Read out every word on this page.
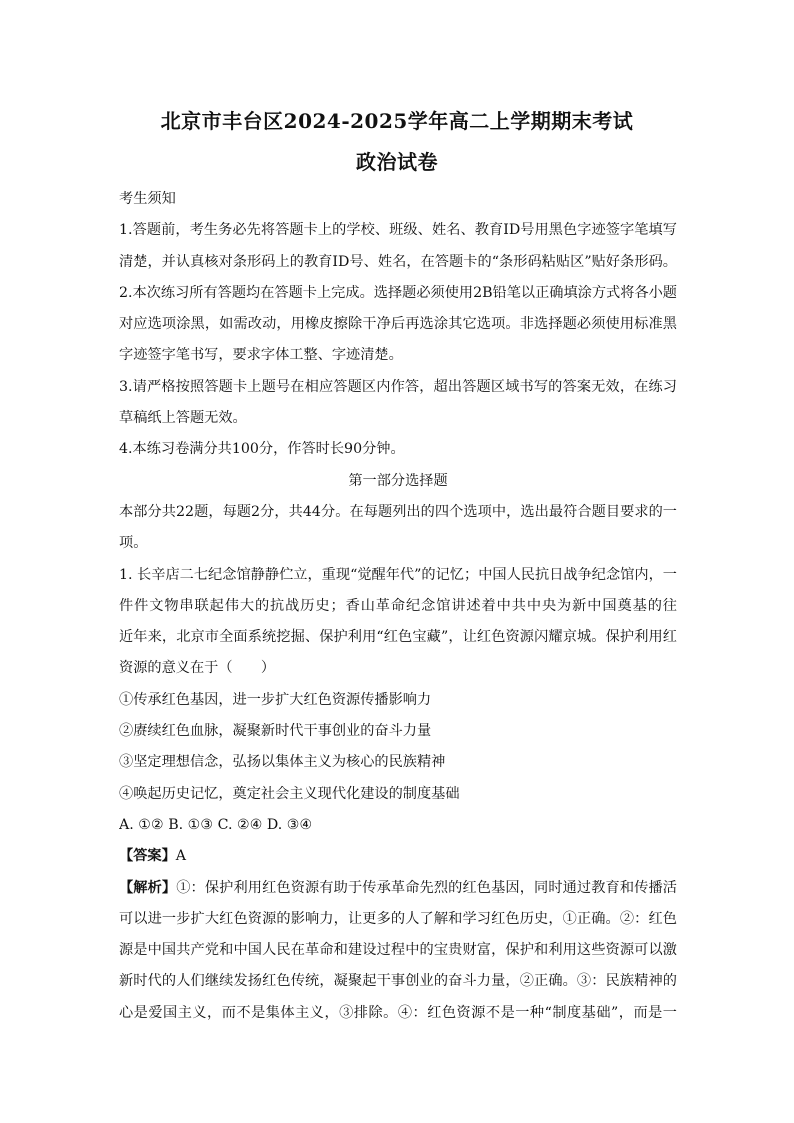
北京市丰台区2024-2025学年高二上学期期末考试
政治试卷
考生须知
1.答题前，考生务必先将答题卡上的学校、班级、姓名、教育ID号用黑色字迹签字笔填写
清楚，并认真核对条形码上的教育ID号、姓名，在答题卡的“条形码粘贴区”贴好条形码。
2.本次练习所有答题均在答题卡上完成。选择题必须使用2B铅笔以正确填涂方式将各小题
对应选项涂黑，如需改动，用橡皮擦除干净后再选涂其它选项。非选择题必须使用标准黑
字迹签字笔书写，要求字体工整、字迹清楚。
3.请严格按照答题卡上题号在相应答题区内作答，超出答题区域书写的答案无效，在练习
草稿纸上答题无效。
4.本练习卷满分共100分，作答时长90分钟。
第一部分选择题
本部分共22题，每题2分，共44分。在每题列出的四个选项中，选出最符合题目要求的一
项。
1. 长辛店二七纪念馆静静伫立，重现“觉醒年代”的记忆；中国人民抗日战争纪念馆内，一
件件文物串联起伟大的抗战历史；香山革命纪念馆讲述着中共中央为新中国奠基的往
近年来，北京市全面系统挖掘、保护利用“红色宝藏”，让红色资源闪耀京城。保护利用红
资源的意义在于（　　）
①传承红色基因，进一步扩大红色资源传播影响力
②赓续红色血脉，凝聚新时代干事创业的奋斗力量
③坚定理想信念，弘扬以集体主义为核心的民族精神
④唤起历史记忆，奠定社会主义现代化建设的制度基础
A. ①② B. ①③ C. ②④ D. ③④
【答案】A
【解析】①：保护利用红色资源有助于传承革命先烈的红色基因，同时通过教育和传播活
可以进一步扩大红色资源的影响力，让更多的人了解和学习红色历史，①正确。②：红色
源是中国共产党和中国人民在革命和建设过程中的宝贵财富，保护和利用这些资源可以激
新时代的人们继续发扬红色传统，凝聚起干事创业的奋斗力量，②正确。③：民族精神的
心是爱国主义，而不是集体主义，③排除。④：红色资源不是一种“制度基础”，而是一
